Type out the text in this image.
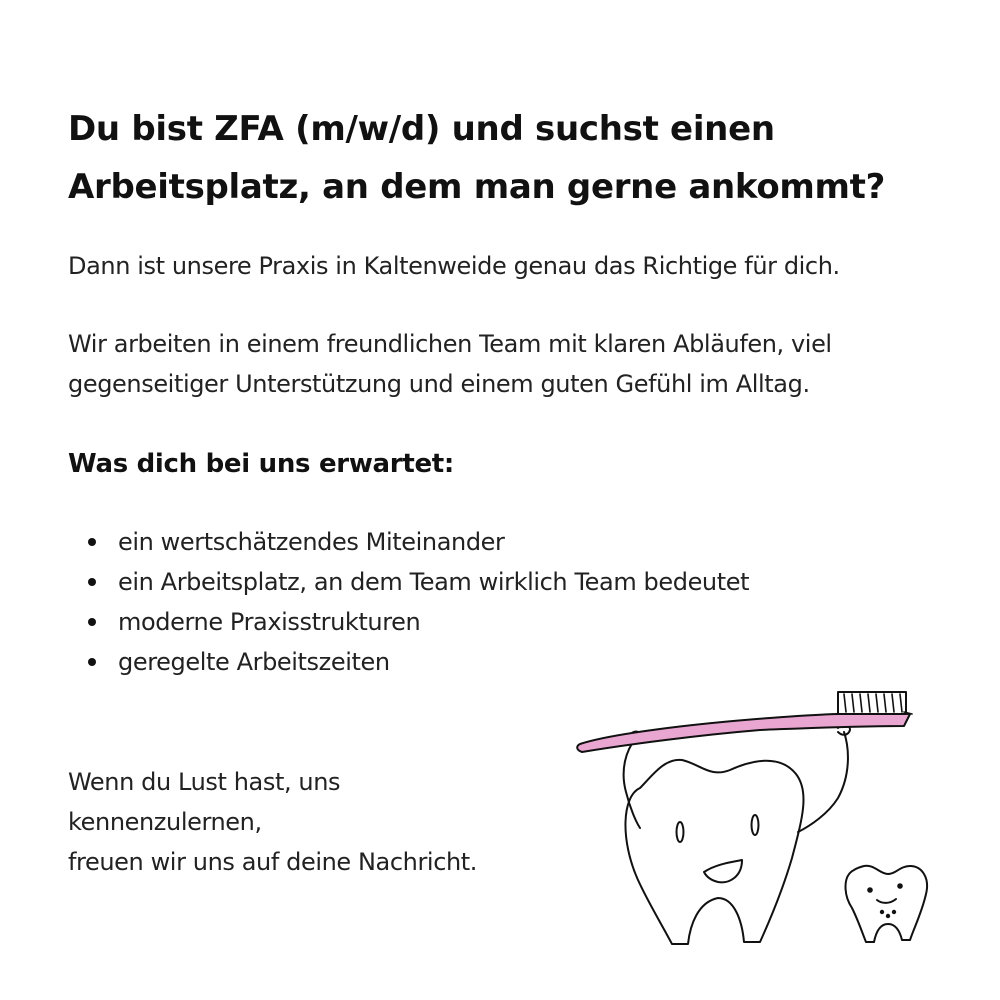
Du bist ZFA (m/w/d) und suchst einen
Arbeitsplatz, an dem man gerne ankommt?

Dann ist unsere Praxis in Kaltenweide genau das Richtige für dich.

Wir arbeiten in einem freundlichen Team mit klaren Abläufen, viel
gegenseitiger Unterstützung und einem guten Gefühl im Alltag.

Was dich bei uns erwartet:
ein wertschätzendes Miteinander
ein Arbeitsplatz, an dem Team wirklich Team bedeutet
moderne Praxisstrukturen
geregelte Arbeitszeiten

Wenn du Lust hast, uns
kennenzulernen,
freuen wir uns auf deine Nachricht.
